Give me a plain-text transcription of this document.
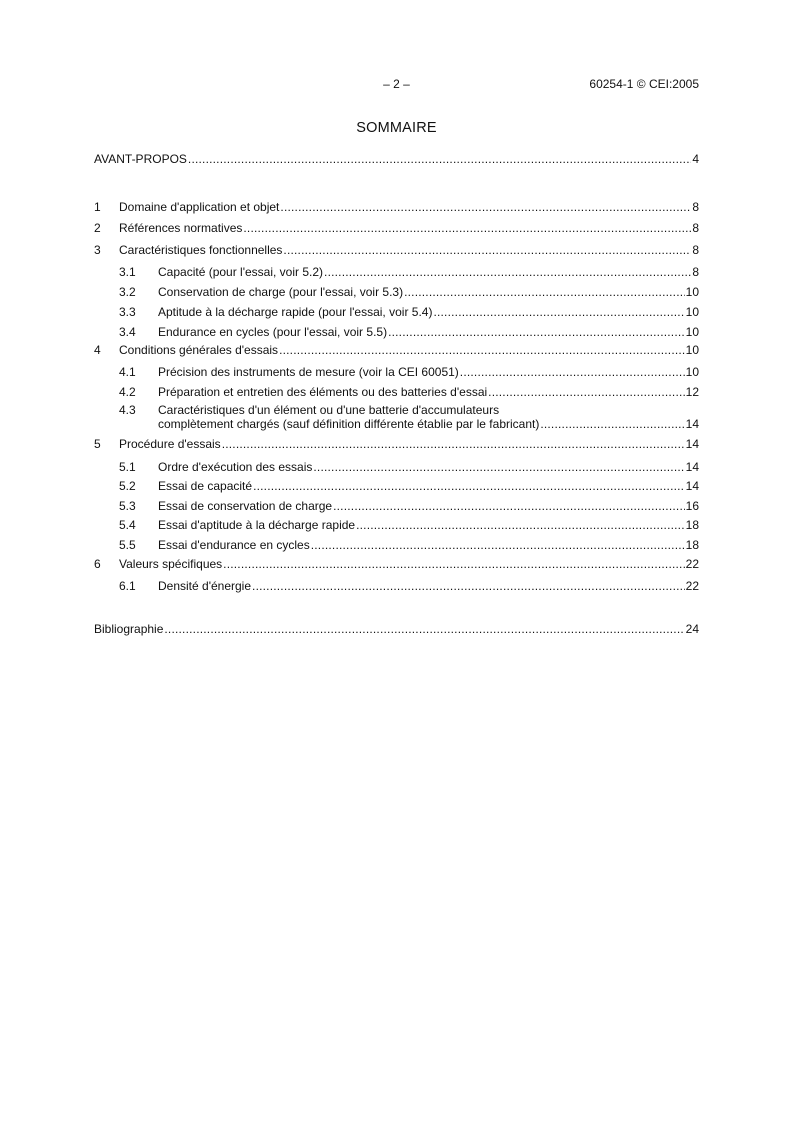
– 2 –	60254-1 © CEI:2005
SOMMAIRE
AVANT-PROPOS .....	4
1 Domaine d'application et objet .....	8
2 Références normatives .....	8
3 Caractéristiques fonctionnelles .....	8
3.1 Capacité (pour l'essai, voir 5.2) .....	8
3.2 Conservation de charge (pour l'essai, voir 5.3) .....	10
3.3 Aptitude à la décharge rapide (pour l'essai, voir 5.4) .....	10
3.4 Endurance en cycles (pour l'essai, voir 5.5) .....	10
4 Conditions générales d'essais .....	10
4.1 Précision des instruments de mesure (voir la CEI 60051) .....	10
4.2 Préparation et entretien des éléments ou des batteries d'essai .....	12
4.3 Caractéristiques d'un élément ou d'une batterie d'accumulateurs
complètement chargés (sauf définition différente établie par le fabricant) .....	14
5 Procédure d'essais .....	14
5.1 Ordre d'exécution des essais .....	14
5.2 Essai de capacité .....	14
5.3 Essai de conservation de charge .....	16
5.4 Essai d'aptitude à la décharge rapide .....	18
5.5 Essai d'endurance en cycles .....	18
6 Valeurs spécifiques .....	22
6.1 Densité d'énergie .....	22
Bibliographie .....	24
